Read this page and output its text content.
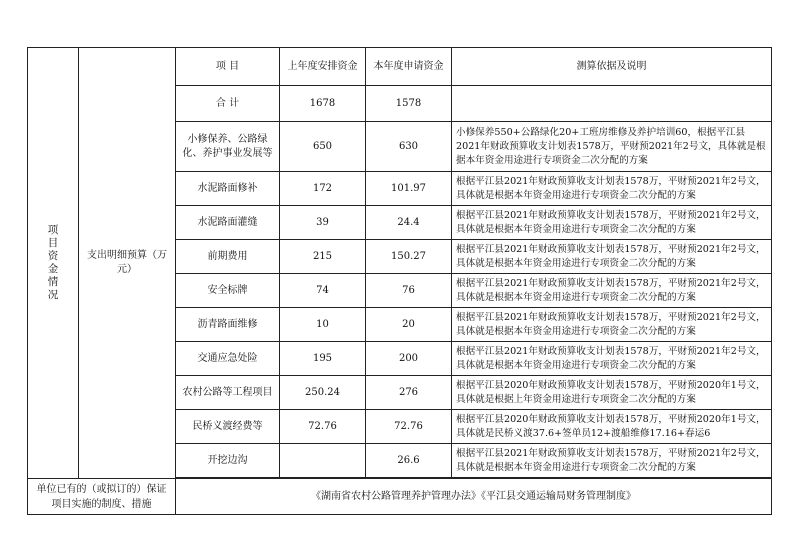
项目资金情况	支出明细预算（万元）	项 目	上年度安排资金	本年度申请资金	测算依据及说明
		合 计	1678	1578	
		小修保养、公路绿化、养护事业发展等	650	630	小修保养550+公路绿化20+工班房维修及养护培训60，根据平江县2021年财政预算收支计划表1578万，平财预2021年2号文，具体就是根据本年资金用途进行专项资金二次分配的方案
		水泥路面修补	172	101.97	根据平江县2021年财政预算收支计划表1578万，平财预2021年2号文，具体就是根据本年资金用途进行专项资金二次分配的方案
		水泥路面灌缝	39	24.4	根据平江县2021年财政预算收支计划表1578万，平财预2021年2号文，具体就是根据本年资金用途进行专项资金二次分配的方案
		前期费用	215	150.27	根据平江县2021年财政预算收支计划表1578万，平财预2021年2号文，具体就是根据本年资金用途进行专项资金二次分配的方案
		安全标牌	74	76	根据平江县2021年财政预算收支计划表1578万，平财预2021年2号文，具体就是根据本年资金用途进行专项资金二次分配的方案
		沥青路面维修	10	20	根据平江县2021年财政预算收支计划表1578万，平财预2021年2号文，具体就是根据本年资金用途进行专项资金二次分配的方案
		交通应急处险	195	200	根据平江县2021年财政预算收支计划表1578万，平财预2021年2号文，具体就是根据本年资金用途进行专项资金二次分配的方案
		农村公路等工程项目	250.24	276	根据平江县2020年财政预算收支计划表1578万，平财预2020年1号文，具体就是根据上年资金用途进行专项资金二次分配的方案
		民桥义渡经费等	72.76	72.76	根据平江县2020年财政预算收支计划表1578万，平财预2020年1号文，具体就是民桥义渡37.6+签单员12+渡船维修17.16+春运6
		开挖边沟		26.6	根据平江县2021年财政预算收支计划表1578万，平财预2021年2号文，具体就是根据本年资金用途进行专项资金二次分配的方案

单位已有的（或拟订的）保证项目实施的制度、措施		《湖南省农村公路管理养护管理办法》《平江县交通运输局财务管理制度》			
